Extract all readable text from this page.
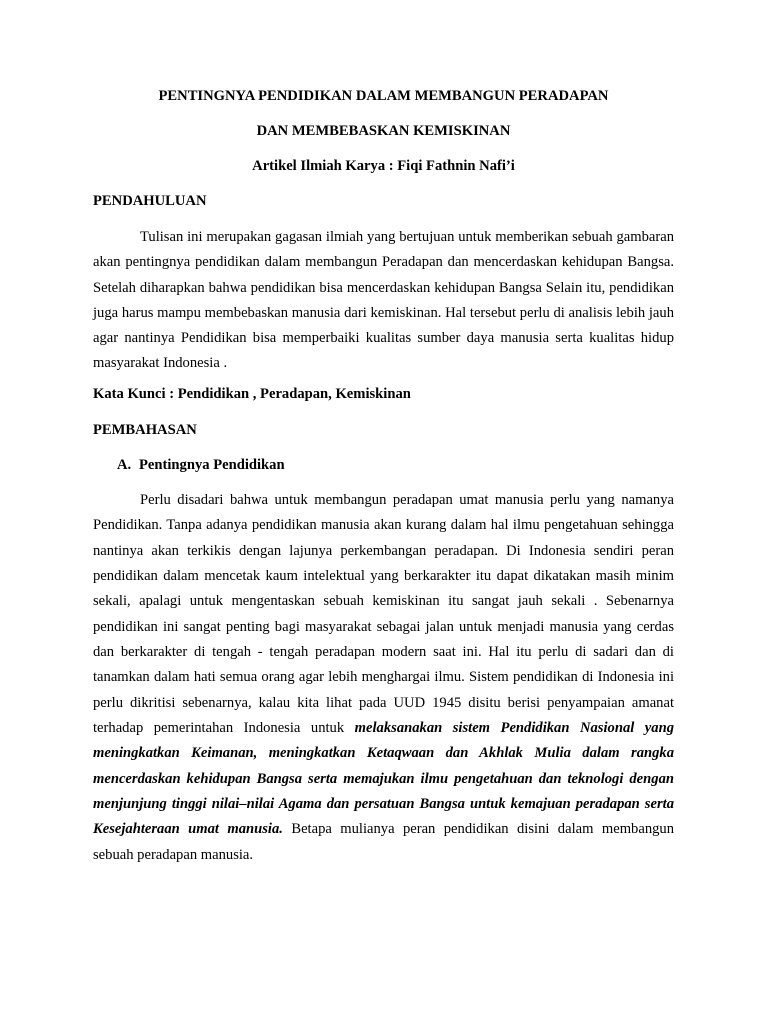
PENTINGNYA PENDIDIKAN DALAM MEMBANGUN PERADAPAN
DAN MEMBEBASKAN KEMISKINAN
Artikel Ilmiah Karya : Fiqi Fathnin Nafi’i
PENDAHULUAN

Tulisan ini merupakan gagasan ilmiah yang bertujuan untuk memberikan sebuah gambaran akan pentingnya pendidikan dalam membangun Peradapan dan mencerdaskan kehidupan Bangsa. Setelah diharapkan bahwa pendidikan bisa mencerdaskan kehidupan Bangsa Selain itu, pendidikan juga harus mampu membebaskan manusia dari kemiskinan. Hal tersebut perlu di analisis lebih jauh agar nantinya Pendidikan bisa memperbaiki kualitas sumber daya manusia serta kualitas hidup masyarakat Indonesia .

Kata Kunci : Pendidikan , Peradapan, Kemiskinan
PEMBAHASAN
A. Pentingnya Pendidikan

Perlu disadari bahwa untuk membangun peradapan umat manusia perlu yang namanya Pendidikan. Tanpa adanya pendidikan manusia akan kurang dalam hal ilmu pengetahuan sehingga nantinya akan terkikis dengan lajunya perkembangan peradapan. Di Indonesia sendiri peran pendidikan dalam mencetak kaum intelektual yang berkarakter itu dapat dikatakan masih minim sekali, apalagi untuk mengentaskan sebuah kemiskinan itu sangat jauh sekali . Sebenarnya pendidikan ini sangat penting bagi masyarakat sebagai jalan untuk menjadi manusia yang cerdas dan berkarakter di tengah - tengah peradapan modern saat ini. Hal itu perlu di sadari dan di tanamkan dalam hati semua orang agar lebih menghargai ilmu. Sistem pendidikan di Indonesia ini perlu dikritisi sebenarnya, kalau kita lihat pada UUD 1945 disitu berisi penyampaian amanat terhadap pemerintahan Indonesia untuk melaksanakan sistem Pendidikan Nasional yang meningkatkan Keimanan, meningkatkan Ketaqwaan dan Akhlak Mulia dalam rangka mencerdaskan kehidupan Bangsa serta memajukan ilmu pengetahuan dan teknologi dengan menjunjung tinggi nilai–nilai Agama dan persatuan Bangsa untuk kemajuan peradapan serta Kesejahteraan umat manusia. Betapa mulianya peran pendidikan disini dalam membangun sebuah peradapan manusia.
